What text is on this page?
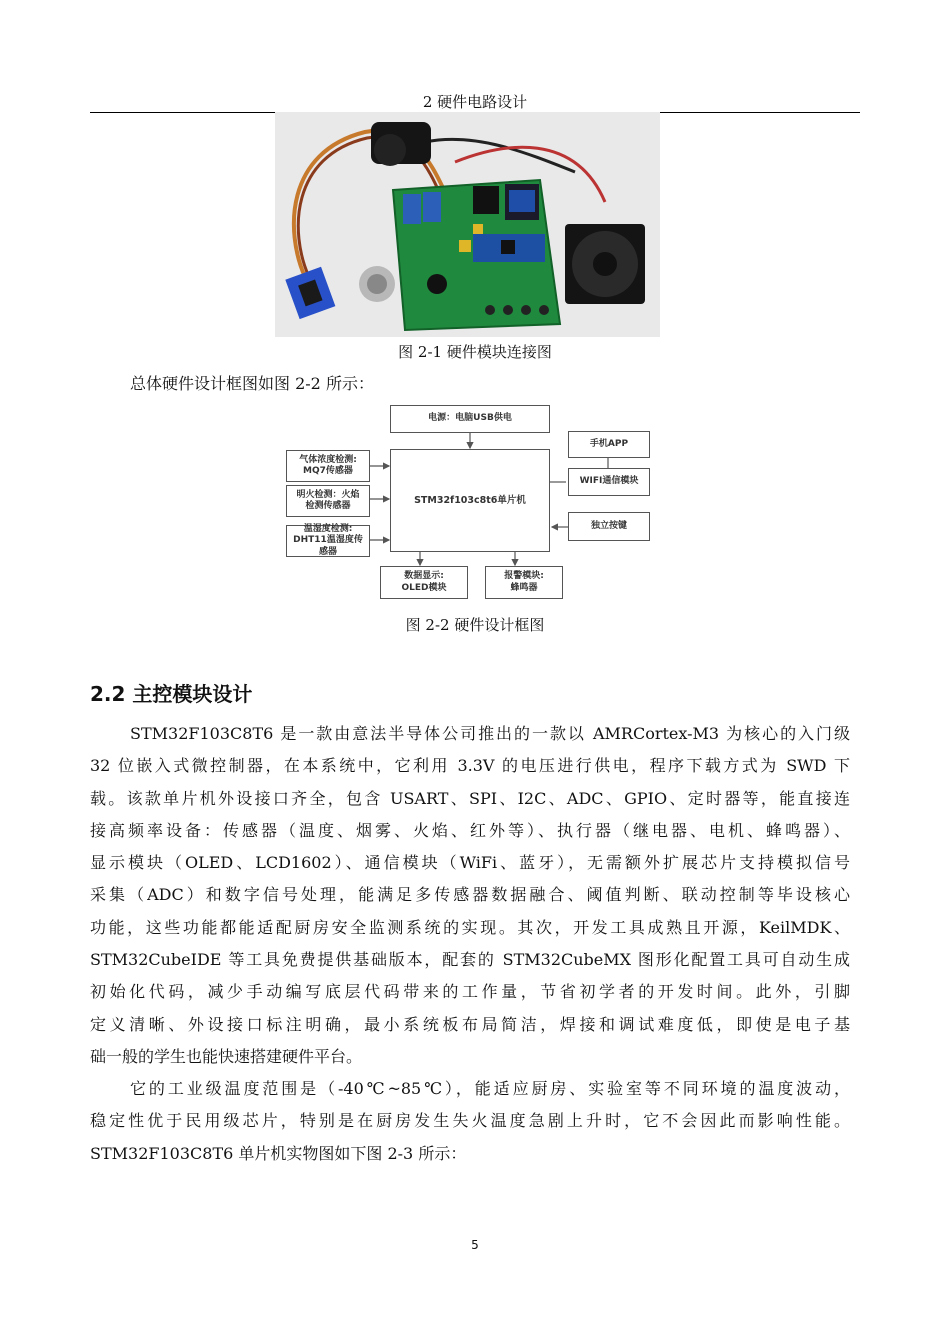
2 硬件电路设计
图 2-1 硬件模块连接图
总体硬件设计框图如图 2-2 所示：
电源：电脑USB供电
STM32f103c8t6单片机
气体浓度检测:
MQ7传感器
明火检测：火焰
检测传感器
温湿度检测:
DHT11温湿度传
感器
数据显示:
OLED模块
报警模块:
蜂鸣器
手机APP
WIFI通信模块
独立按键
图 2-2 硬件设计框图
2.2 主控模块设计
STM32F103C8T6 是一款由意法半导体公司推出的一款以 AMRCortex-M3 为核心的入门级
32 位嵌入式微控制器，在本系统中，它利用 3.3V 的电压进行供电，程序下载方式为 SWD 下
载。该款单片机外设接口齐全，包含 USART、SPI、I2C、ADC、GPIO、定时器等，能直接连
接高频率设备：传感器（温度、烟雾、火焰、红外等）、执行器（继电器、电机、蜂鸣器）、
显示模块（OLED、LCD1602）、通信模块（WiFi、蓝牙），无需额外扩展芯片支持模拟信号
采集（ADC）和数字信号处理，能满足多传感器数据融合、阈值判断、联动控制等毕设核心
功能，这些功能都能适配厨房安全监测系统的实现。其次，开发工具成熟且开源，KeilMDK、
STM32CubeIDE 等工具免费提供基础版本，配套的 STM32CubeMX 图形化配置工具可自动生成
初始化代码，减少手动编写底层代码带来的工作量，节省初学者的开发时间。此外，引脚
定义清晰、外设接口标注明确，最小系统板布局简洁，焊接和调试难度低，即使是电子基
础一般的学生也能快速搭建硬件平台。
它的工业级温度范围是（-40℃~85℃），能适应厨房、实验室等不同环境的温度波动，
稳定性优于民用级芯片，特别是在厨房发生失火温度急剧上升时，它不会因此而影响性能。
STM32F103C8T6 单片机实物图如下图 2-3 所示：
5
